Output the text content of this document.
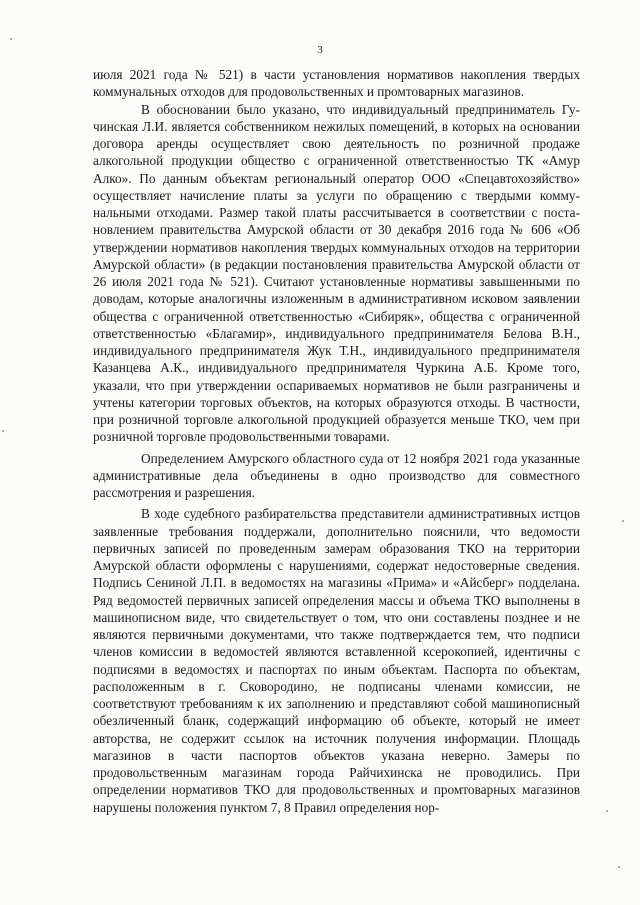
3

июля 2021 года № 521) в части установления нормативов накопления твердых коммунальных отходов для продовольственных и промтоварных магазинов.

В обосновании было указано, что индивидуальный предприниматель Гучинская Л.И. является собственником нежилых помещений, в которых на основании договора аренды осуществляет свою деятельность по розничной продаже алкогольной продукции общество с ограниченной ответственностью ТК «Амур Алко». По данным объектам региональный оператор ООО «Спецавтохозяйство» осуществляет начисление платы за услуги по обращению с твердыми коммунальными отходами. Размер такой платы рассчитывается в соответствии с постановлением правительства Амурской области от 30 декабря 2016 года № 606 «Об утверждении нормативов накопления твердых коммунальных отходов на территории Амурской области» (в редакции постановления правительства Амурской области от 26 июля 2021 года № 521). Считают установленные нормативы завышенными по доводам, которые аналогичны изложенным в административном исковом заявлении общества с ограниченной ответственностью «Сибиряк», общества с ограниченной ответственностью «Благамир», индивидуального предпринимателя Белова В.Н., индивидуального предпринимателя Жук Т.Н., индивидуального предпринимателя Казанцева А.К., индивидуального предпринимателя Чуркина А.Б. Кроме того, указали, что при утверждении оспариваемых нормативов не были разграничены и учтены категории торговых объектов, на которых образуются отходы. В частности, при розничной торговле алкогольной продукцией образуется меньше ТКО, чем при розничной торговле продовольственными товарами.

Определением Амурского областного суда от 12 ноября 2021 года указанные административные дела объединены в одно производство для совместного рассмотрения и разрешения.

В ходе судебного разбирательства представители административных истцов заявленные требования поддержали, дополнительно пояснили, что ведомости первичных записей по проведенным замерам образования ТКО на территории Амурской области оформлены с нарушениями, содержат недостоверные сведения. Подпись Сениной Л.П. в ведомостях на магазины «Прима» и «Айсберг» подделана. Ряд ведомостей первичных записей определения массы и объема ТКО выполнены в машинописном виде, что свидетельствует о том, что они составлены позднее и не являются первичными документами, что также подтверждается тем, что подписи членов комиссии в ведомостей являются вставленной ксерокопией, идентичны с подписями в ведомостях и паспортах по иным объектам. Паспорта по объектам, расположенным в г. Сковородино, не подписаны членами комиссии, не соответствуют требованиям к их заполнению и представляют собой машинописный обезличенный бланк, содержащий информацию об объекте, который не имеет авторства, не содержит ссылок на источник получения информации. Площадь магазинов в части паспортов объектов указана неверно. Замеры по продовольственным магазинам города Райчихинска не проводились. При определении нормативов ТКО для продовольственных и промтоварных магазинов нарушены положения пунктом 7, 8 Правил определения нор-
